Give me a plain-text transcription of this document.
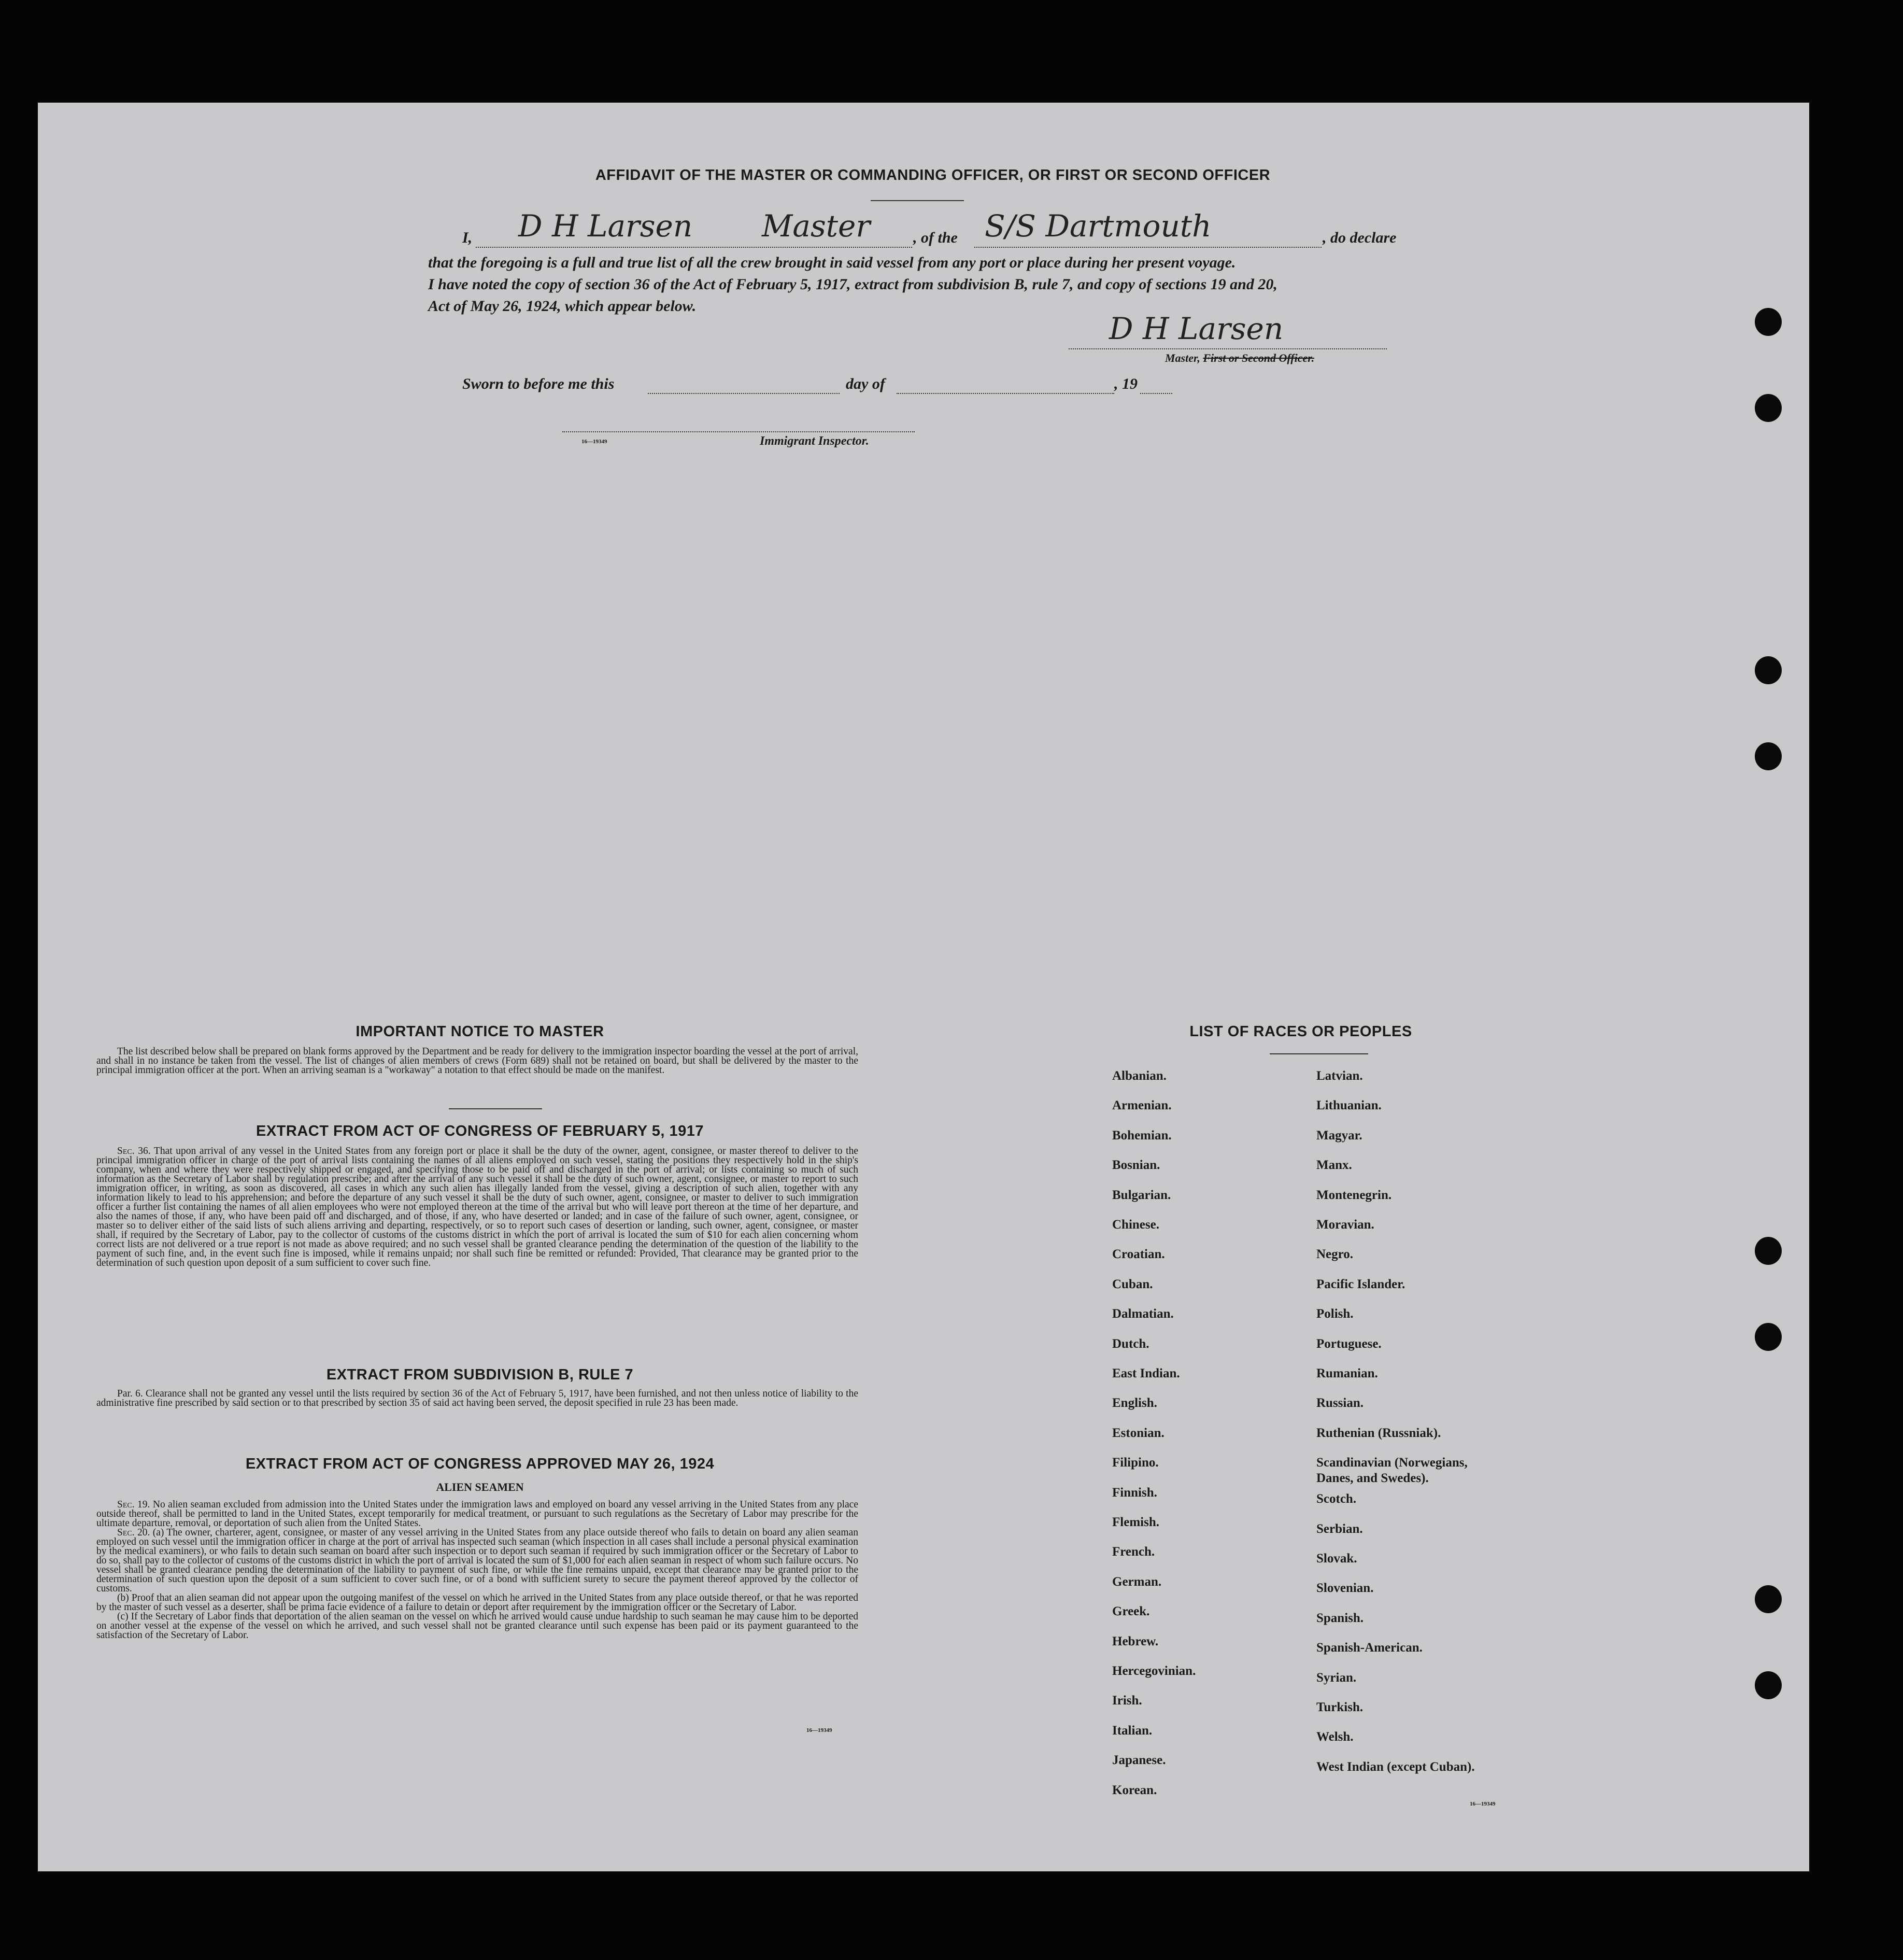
AFFIDAVIT OF THE MASTER OR COMMANDING OFFICER, OR FIRST OR SECOND OFFICER
I, D H Larsen Master	, of the S/S Dartmouth	, do declare
that the foregoing is a full and true list of all the crew brought in said vessel from any port or place during her present voyage.
I have noted the copy of section 36 of the Act of February 5, 1917, extract from subdivision B, rule 7, and copy of sections 19 and 20,
Act of May 26, 1924, which appear below.
D H Larsen
Master, First or Second Officer.
Sworn to before me this	day of	, 19
16—19349	Immigrant Inspector.
IMPORTANT NOTICE TO MASTER

The list described below shall be prepared on blank forms approved by the Department and be ready for delivery to the immigration inspector boarding the vessel at the port of arrival, and shall in no instance be taken from the vessel. The list of changes of alien members of crews (Form 689) shall not be retained on board, but shall be delivered by the master to the principal immigration officer at the port. When an arriving seaman is a "workaway" a notation to that effect should be made on the manifest.

EXTRACT FROM ACT OF CONGRESS OF FEBRUARY 5, 1917

Sec. 36. That upon arrival of any vessel in the United States from any foreign port or place it shall be the duty of the owner, agent, consignee, or master thereof to deliver to the principal immigration officer in charge of the port of arrival lists containing the names of all aliens employed on such vessel, stating the positions they respectively hold in the ship's company, when and where they were respectively shipped or engaged, and specifying those to be paid off and discharged in the port of arrival; or lists containing so much of such information as the Secretary of Labor shall by regulation prescribe; and after the arrival of any such vessel it shall be the duty of such owner, agent, consignee, or master to report to such immigration officer, in writing, as soon as discovered, all cases in which any such alien has illegally landed from the vessel, giving a description of such alien, together with any information likely to lead to his apprehension; and before the departure of any such vessel it shall be the duty of such owner, agent, consignee, or master to deliver to such immigration officer a further list containing the names of all alien employees who were not employed thereon at the time of the arrival but who will leave port thereon at the time of her departure, and also the names of those, if any, who have been paid off and discharged, and of those, if any, who have deserted or landed; and in case of the failure of such owner, agent, consignee, or master so to deliver either of the said lists of such aliens arriving and departing, respectively, or so to report such cases of desertion or landing, such owner, agent, consignee, or master shall, if required by the Secretary of Labor, pay to the collector of customs of the customs district in which the port of arrival is located the sum of $10 for each alien concerning whom correct lists are not delivered or a true report is not made as above required; and no such vessel shall be granted clearance pending the determination of the question of the liability to the payment of such fine, and, in the event such fine is imposed, while it remains unpaid; nor shall such fine be remitted or refunded: Provided, That clearance may be granted prior to the determination of such question upon deposit of a sum sufficient to cover such fine.

EXTRACT FROM SUBDIVISION B, RULE 7

Par. 6. Clearance shall not be granted any vessel until the lists required by section 36 of the Act of February 5, 1917, have been furnished, and not then unless notice of liability to the administrative fine prescribed by said section or to that prescribed by section 35 of said act having been served, the deposit specified in rule 23 has been made.

EXTRACT FROM ACT OF CONGRESS APPROVED MAY 26, 1924
ALIEN SEAMEN

Sec. 19. No alien seaman excluded from admission into the United States under the immigration laws and employed on board any vessel arriving in the United States from any place outside thereof, shall be permitted to land in the United States, except temporarily for medical treatment, or pursuant to such regulations as the Secretary of Labor may prescribe for the ultimate departure, removal, or deportation of such alien from the United States.

Sec. 20. (a) The owner, charterer, agent, consignee, or master of any vessel arriving in the United States from any place outside thereof who fails to detain on board any alien seaman employed on such vessel until the immigration officer in charge at the port of arrival has inspected such seaman (which inspection in all cases shall include a personal physical examination by the medical examiners), or who fails to detain such seaman on board after such inspection or to deport such seaman if required by such immigration officer or the Secretary of Labor to do so, shall pay to the collector of customs of the customs district in which the port of arrival is located the sum of $1,000 for each alien seaman in respect of whom such failure occurs. No vessel shall be granted clearance pending the determination of the liability to payment of such fine, or while the fine remains unpaid, except that clearance may be granted prior to the determination of such question upon the deposit of a sum sufficient to cover such fine, or of a bond with sufficient surety to secure the payment thereof approved by the collector of customs.

(b) Proof that an alien seaman did not appear upon the outgoing manifest of the vessel on which he arrived in the United States from any place outside thereof, or that he was reported by the master of such vessel as a deserter, shall be prima facie evidence of a failure to detain or deport after requirement by the immigration officer or the Secretary of Labor.

(c) If the Secretary of Labor finds that deportation of the alien seaman on the vessel on which he arrived would cause undue hardship to such seaman he may cause him to be deported on another vessel at the expense of the vessel on which he arrived, and such vessel shall not be granted clearance until such expense has been paid or its payment guaranteed to the satisfaction of the Secretary of Labor.

16—19349
LIST OF RACES OR PEOPLES
Albanian.
Armenian.
Bohemian.
Bosnian.
Bulgarian.
Chinese.
Croatian.
Cuban.
Dalmatian.
Dutch.
East Indian.
English.
Estonian.
Filipino.
Finnish.
Flemish.
French.
German.
Greek.
Hebrew.
Hercegovinian.
Irish.
Italian.
Japanese.
Korean.
Latvian.
Lithuanian.
Magyar.
Manx.
Montenegrin.
Moravian.
Negro.
Pacific Islander.
Polish.
Portuguese.
Rumanian.
Russian.
Ruthenian (Russniak).
Scandinavian (Norwegians,
Danes, and Swedes).
Scotch.
Serbian.
Slovak.
Slovenian.
Spanish.
Spanish-American.
Syrian.
Turkish.
Welsh.
West Indian (except Cuban).
16—19349
